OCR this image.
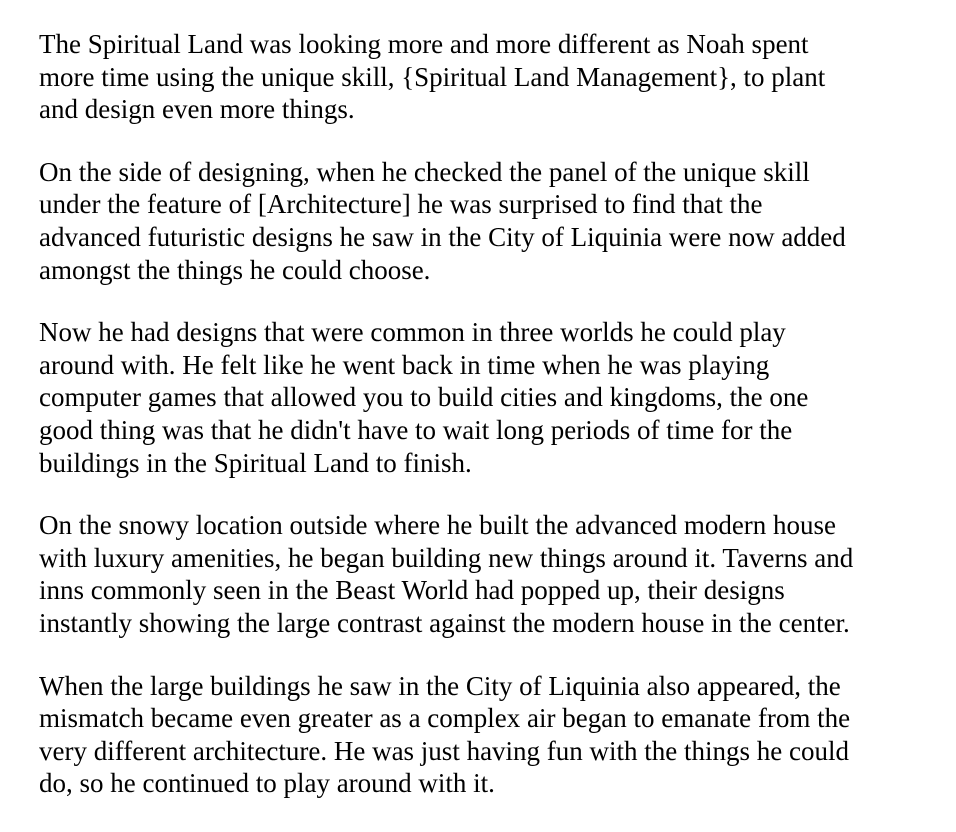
The Spiritual Land was looking more and more different as Noah spent
more time using the unique skill, {Spiritual Land Management}, to plant
and design even more things.

On the side of designing, when he checked the panel of the unique skill
under the feature of [Architecture] he was surprised to find that the
advanced futuristic designs he saw in the City of Liquinia were now added
amongst the things he could choose.

Now he had designs that were common in three worlds he could play
around with. He felt like he went back in time when he was playing
computer games that allowed you to build cities and kingdoms, the one
good thing was that he didn't have to wait long periods of time for the
buildings in the Spiritual Land to finish.

On the snowy location outside where he built the advanced modern house
with luxury amenities, he began building new things around it. Taverns and
inns commonly seen in the Beast World had popped up, their designs
instantly showing the large contrast against the modern house in the center.

When the large buildings he saw in the City of Liquinia also appeared, the
mismatch became even greater as a complex air began to emanate from the
very different architecture. He was just having fun with the things he could
do, so he continued to play around with it.
